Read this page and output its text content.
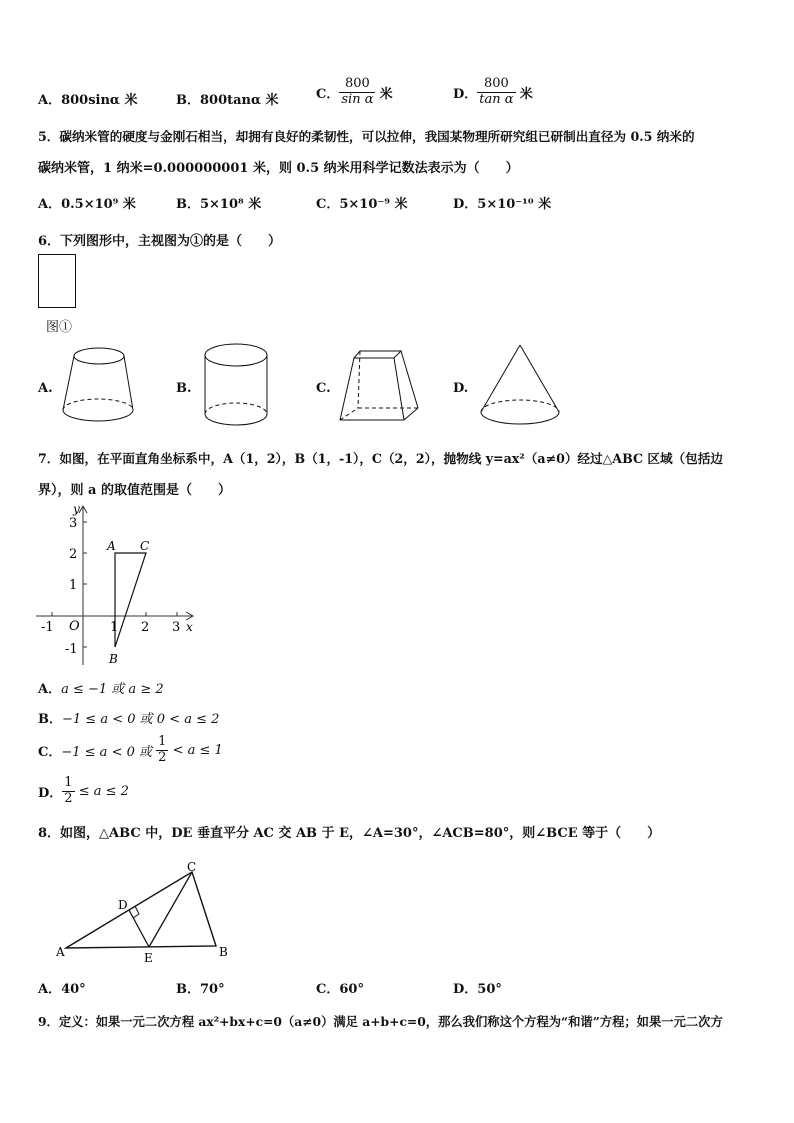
A．800sinα 米	B．800tanα 米	C． $\frac{800}{\text{sin α}}$ 米	D． $\frac{800}{\text{tan α}}$ 米
5．碳纳米管的硬度与金刚石相当，却拥有良好的柔韧性，可以拉伸，我国某物理所研究组已研制出直径为 0.5 纳米的
碳纳米管，1 纳米=0.000000001 米，则 0.5 纳米用科学记数法表示为（　　）
A．0.5×10⁹ 米	B．5×10⁸ 米	C．5×10⁻⁹ 米	D．5×10⁻¹⁰ 米
6．下列图形中，主视图为①的是（　　）
图①
A.	B.	C.	D.
7．如图，在平面直角坐标系中，A（1，2），B（1，-1），C（2，2），抛物线 y=ax²（a≠0）经过△ABC 区域（包括边
界），则 a 的取值范围是（　　）
y
x
O
-1	1 2 3
3
2
1
-1
A C
B
A．a ≤ −1 或 a ≥ 2
B．−1 ≤ a < 0 或 0 < a ≤ 2
C．−1 ≤ a < 0 或 $\frac{1}{2} < a \le 1$
D． $\frac{1}{2} \le a \le 2$
8．如图，△ABC 中，DE 垂直平分 AC 交 AB 于 E，∠A=30°，∠ACB=80°，则∠BCE 等于（　　）
A	B
C
D
E
A．40°	B．70°	C．60°	D．50°
9．定义：如果一元二次方程 ax²+bx+c=0（a≠0）满足 a+b+c=0，那么我们称这个方程为“和谐”方程；如果一元二次方
